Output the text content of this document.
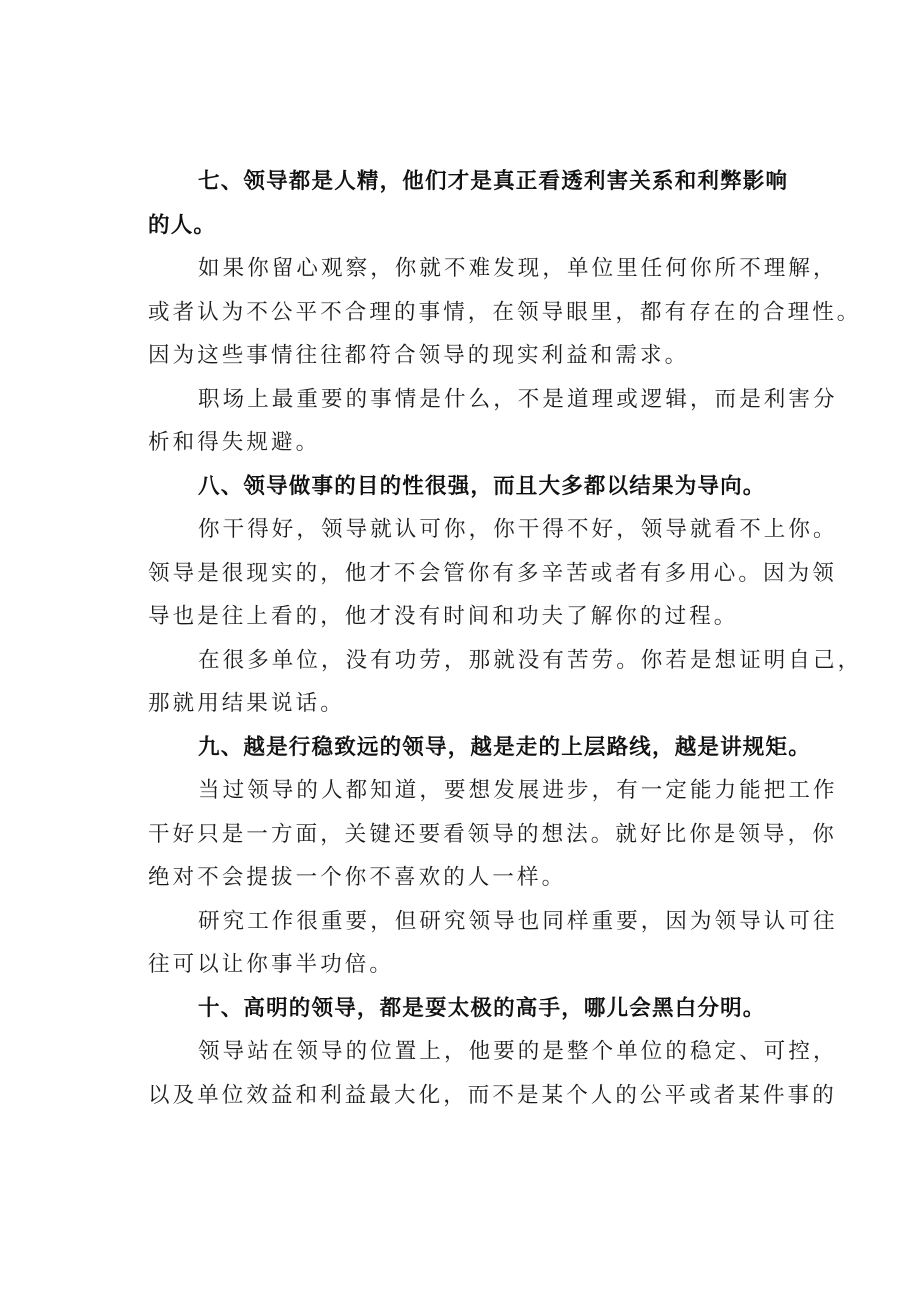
七、领导都是人精，他们才是真正看透利害关系和利弊影响
的人。
如果你留心观察，你就不难发现，单位里任何你所不理解，
或者认为不公平不合理的事情，在领导眼里，都有存在的合理性。
因为这些事情往往都符合领导的现实利益和需求。
职场上最重要的事情是什么，不是道理或逻辑，而是利害分
析和得失规避。
八、领导做事的目的性很强，而且大多都以结果为导向。
你干得好，领导就认可你，你干得不好，领导就看不上你。
领导是很现实的，他才不会管你有多辛苦或者有多用心。因为领
导也是往上看的，他才没有时间和功夫了解你的过程。
在很多单位，没有功劳，那就没有苦劳。你若是想证明自己，
那就用结果说话。
九、越是行稳致远的领导，越是走的上层路线，越是讲规矩。
当过领导的人都知道，要想发展进步，有一定能力能把工作
干好只是一方面，关键还要看领导的想法。就好比你是领导，你
绝对不会提拔一个你不喜欢的人一样。
研究工作很重要，但研究领导也同样重要，因为领导认可往
往可以让你事半功倍。
十、高明的领导，都是耍太极的高手，哪儿会黑白分明。
领导站在领导的位置上，他要的是整个单位的稳定、可控，
以及单位效益和利益最大化，而不是某个人的公平或者某件事的
